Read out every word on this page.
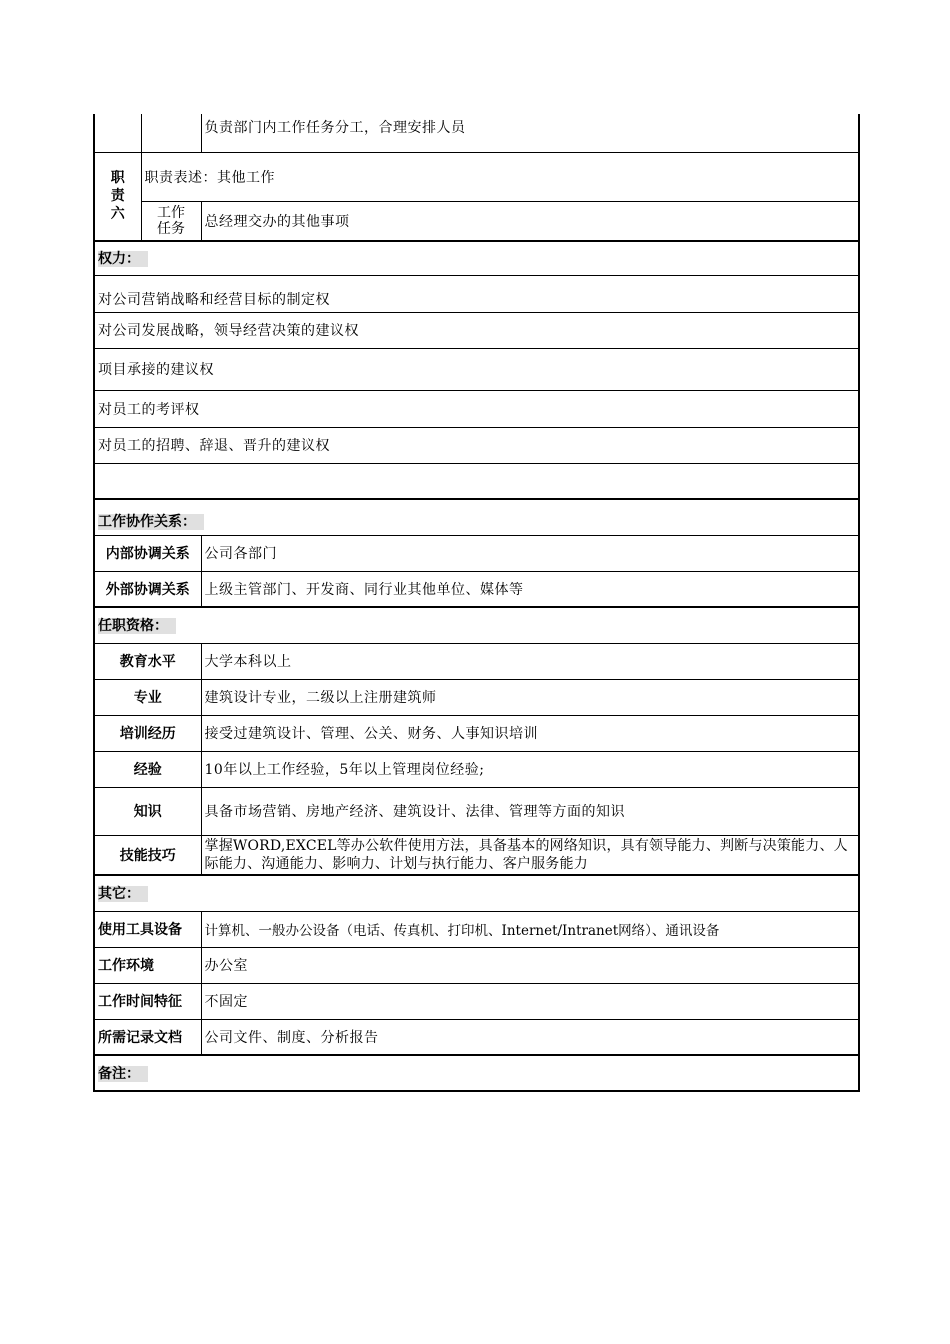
		负责部门内工作任务分工，合理安排人员
职
责
六	职责表述：其他工作	
	工作
任务	总经理交办的其他事项
权力：		
对公司营销战略和经营目标的制定权		
对公司发展战略，领导经营决策的建议权		
项目承接的建议权		
对员工的考评权		
对员工的招聘、辞退、晋升的建议权		

工作协作关系：		
内部协调关系		公司各部门
外部协调关系		上级主管部门、开发商、同行业其他单位、媒体等
任职资格：		
教育水平		大学本科以上
专业		建筑设计专业，二级以上注册建筑师
培训经历		接受过建筑设计、管理、公关、财务、人事知识培训
经验		10年以上工作经验，5年以上管理岗位经验;
知识		具备市场营销、房地产经济、建筑设计、法律、管理等方面的知识
技能技巧		掌握WORD,EXCEL等办公软件使用方法，具备基本的网络知识，具有领导能力、判断与决策能力、人际能力、沟通能力、影响力、计划与执行能力、客户服务能力
其它：		
使用工具设备		计算机、一般办公设备（电话、传真机、打印机、Internet/Intranet网络）、通讯设备
工作环境		办公室
工作时间特征		不固定
所需记录文档		公司文件、制度、分析报告
备注：		
